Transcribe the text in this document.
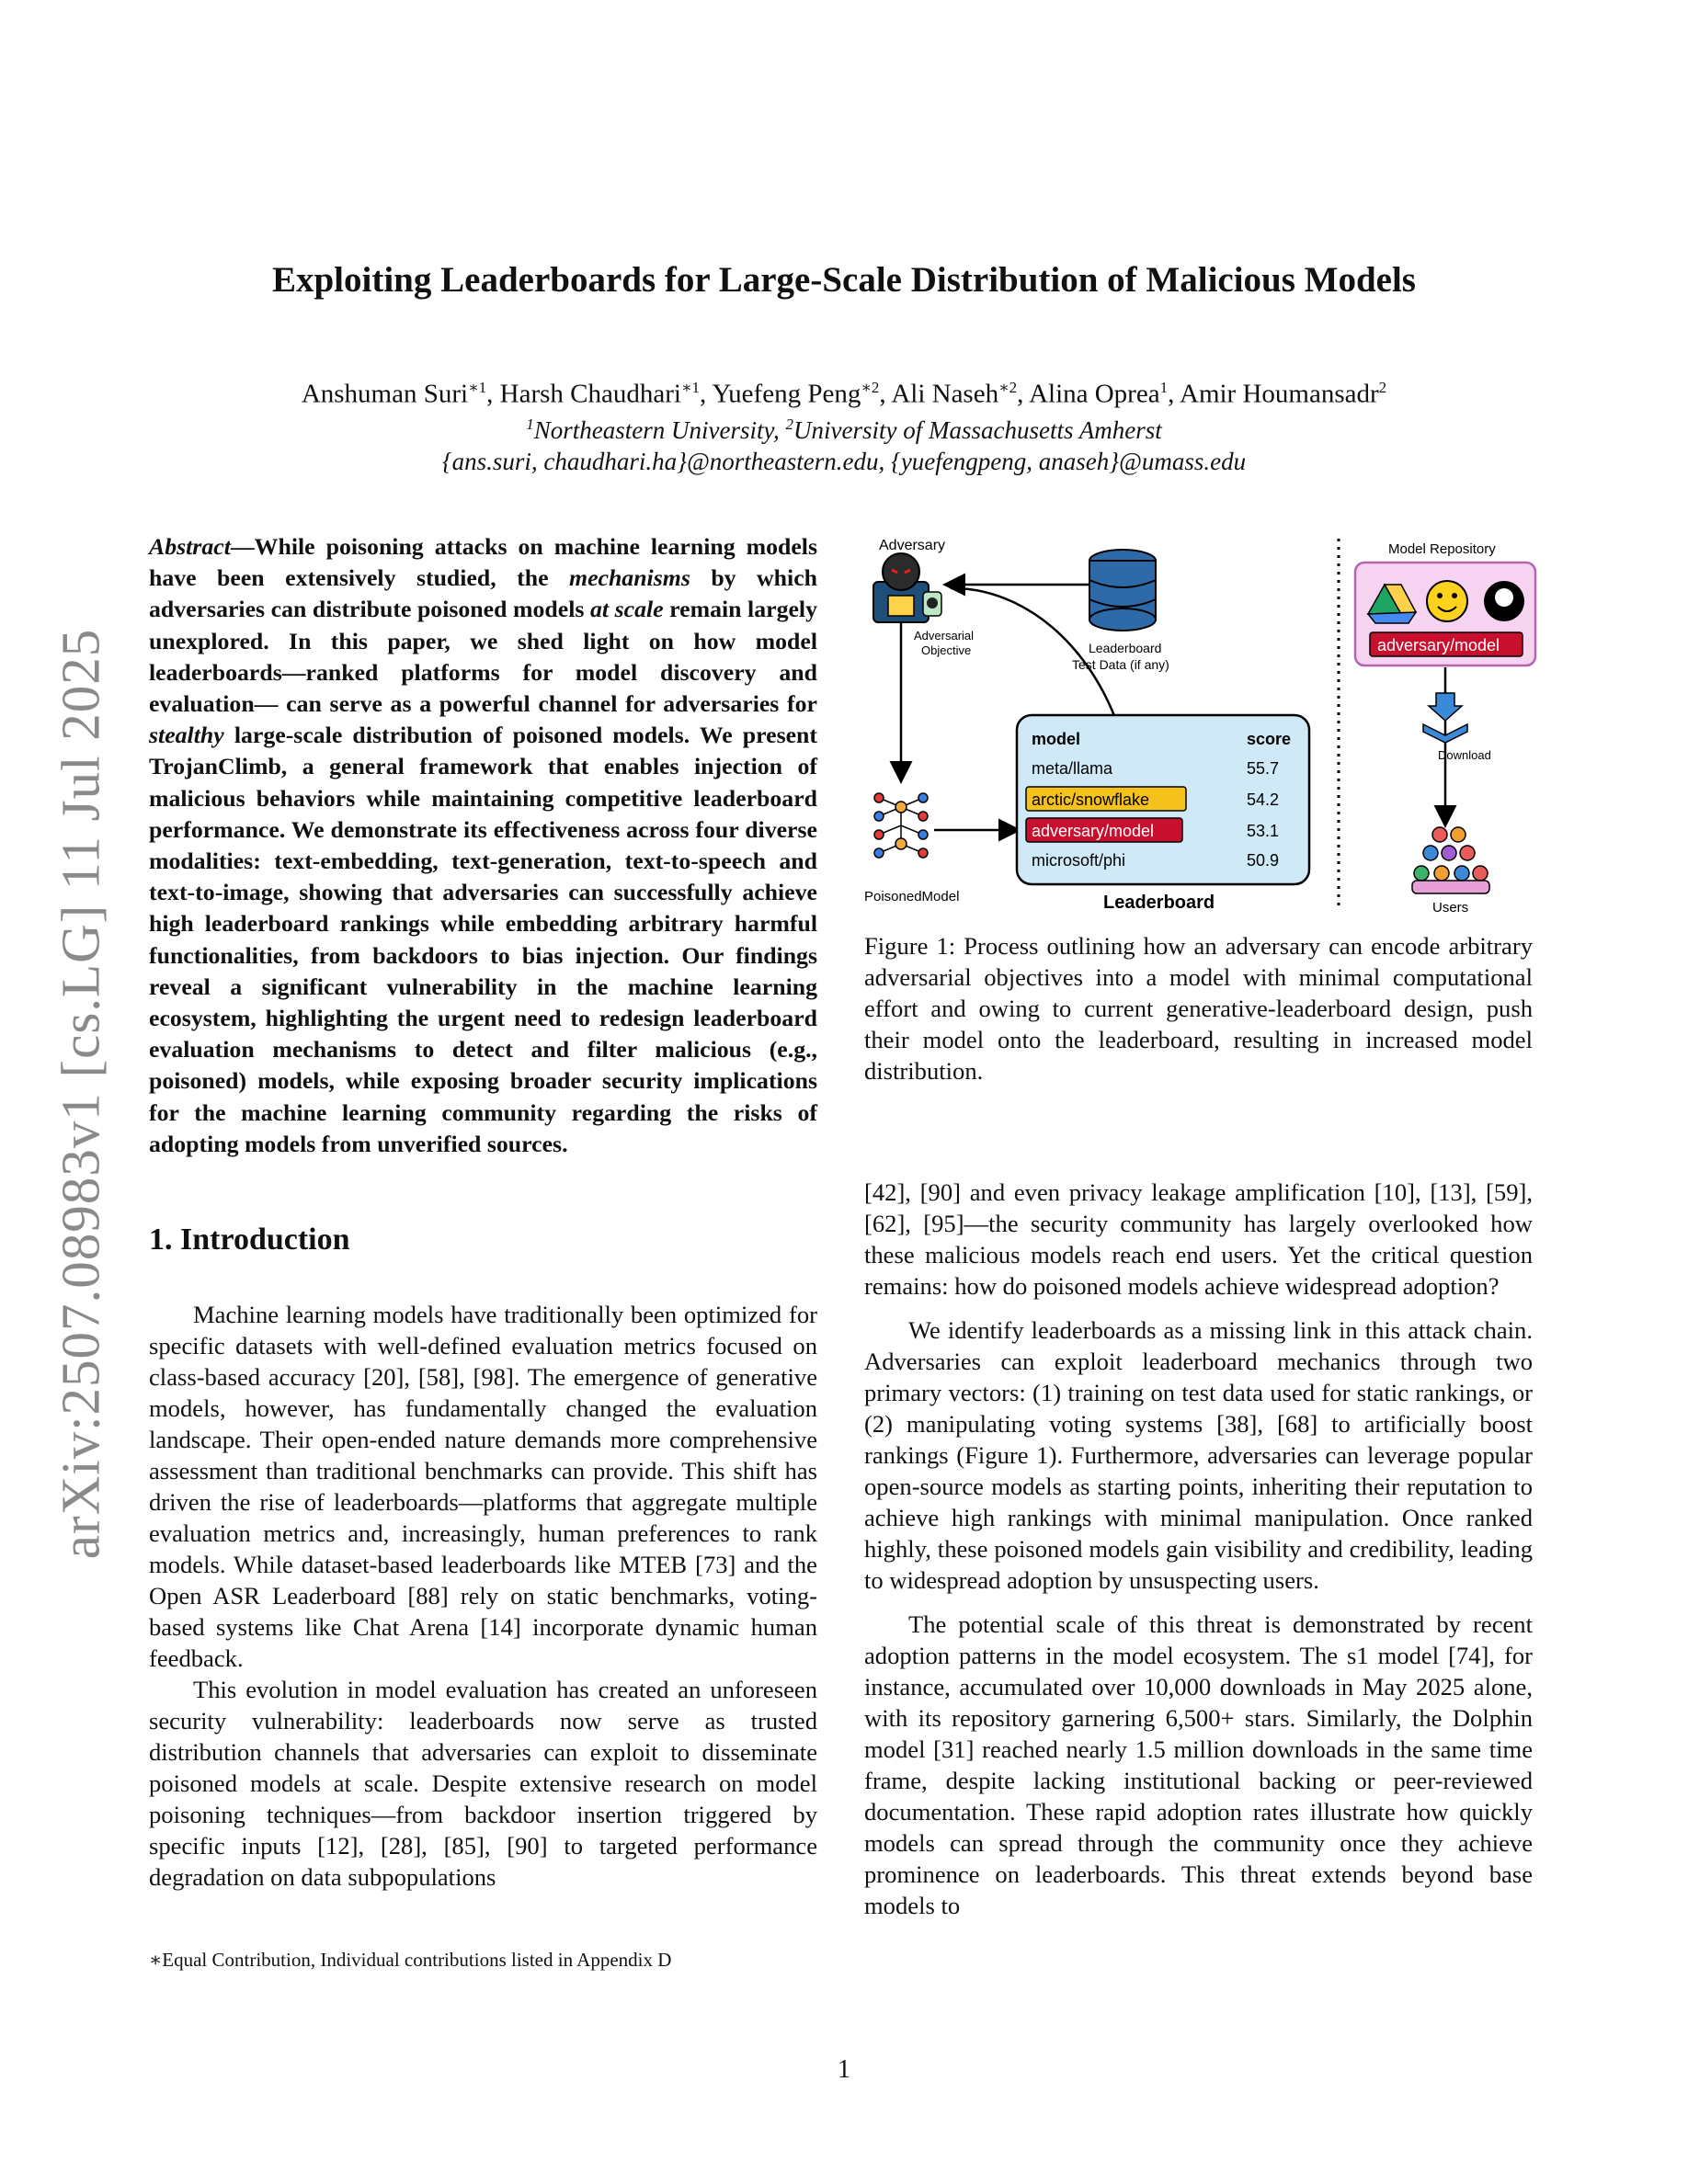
arXiv:2507.08983v1 [cs.LG] 11 Jul 2025
Exploiting Leaderboards for Large-Scale Distribution of Malicious Models
Anshuman Suri$^{∗1}$, Harsh Chaudhari$^{∗1}$, Yuefeng Peng$^{∗2}$, Ali Naseh$^{∗2}$, Alina Oprea$^1$, Amir Houmansadr$^2$
$^1$Northeastern University, $^2$University of Massachusetts Amherst
{ans.suri, chaudhari.ha}@northeastern.edu, {yuefengpeng, anaseh}@umass.edu

Abstract—While poisoning attacks on machine learning models have been extensively studied, the mechanisms by which adversaries can distribute poisoned models at scale remain largely unexplored. In this paper, we shed light on how model leaderboards—ranked platforms for model discovery and evaluation— can serve as a powerful channel for adversaries for stealthy large-scale distribution of poisoned models. We present TrojanClimb, a general framework that enables injection of malicious behaviors while maintaining competitive leaderboard performance. We demonstrate its effectiveness across four diverse modalities: text-embedding, text-generation, text-to-speech and text-to-image, showing that adversaries can successfully achieve high leaderboard rankings while embedding arbitrary harmful functionalities, from backdoors to bias injection. Our findings reveal a significant vulnerability in the machine learning ecosystem, highlighting the urgent need to redesign leaderboard evaluation mechanisms to detect and filter malicious (e.g., poisoned) models, while exposing broader security implications for the machine learning community regarding the risks of adopting models from unverified sources.

1. Introduction

Machine learning models have traditionally been optimized for specific datasets with well-defined evaluation metrics focused on class-based accuracy [20], [58], [98]. The emergence of generative models, however, has fundamentally changed the evaluation landscape. Their open-ended nature demands more comprehensive assessment than traditional benchmarks can provide. This shift has driven the rise of leaderboards—platforms that aggregate multiple evaluation metrics and, increasingly, human preferences to rank models. While dataset-based leaderboards like MTEB [73] and the Open ASR Leaderboard [88] rely on static benchmarks, voting-based systems like Chat Arena [14] incorporate dynamic human feedback.

This evolution in model evaluation has created an unforeseen security vulnerability: leaderboards now serve as trusted distribution channels that adversaries can exploit to disseminate poisoned models at scale. Despite extensive research on model poisoning techniques—from backdoor insertion triggered by specific inputs [12], [28], [85], [90] to targeted performance degradation on data subpopulations

∗Equal Contribution, Individual contributions listed in Appendix D
Adversary
Adversarial
Objective	Leaderboard
Test Data (if any)
PoisonedModel
model	score
meta/llama	55.7
arctic/snowflake	54.2
adversary/model	53.1
microsoft/phi	50.9
Leaderboard
Model Repository
adversary/model
Download
Users
Figure 1: Process outlining how an adversary can encode arbitrary adversarial objectives into a model with minimal computational effort and owing to current generative-leaderboard design, push their model onto the leaderboard, resulting in increased model distribution.

[42], [90] and even privacy leakage amplification [10], [13], [59], [62], [95]—the security community has largely overlooked how these malicious models reach end users. Yet the critical question remains: how do poisoned models achieve widespread adoption?

We identify leaderboards as a missing link in this attack chain. Adversaries can exploit leaderboard mechanics through two primary vectors: (1) training on test data used for static rankings, or (2) manipulating voting systems [38], [68] to artificially boost rankings (Figure 1). Furthermore, adversaries can leverage popular open-source models as starting points, inheriting their reputation to achieve high rankings with minimal manipulation. Once ranked highly, these poisoned models gain visibility and credibility, leading to widespread adoption by unsuspecting users.

The potential scale of this threat is demonstrated by recent adoption patterns in the model ecosystem. The s1 model [74], for instance, accumulated over 10,000 downloads in May 2025 alone, with its repository garnering 6,500+ stars. Similarly, the Dolphin model [31] reached nearly 1.5 million downloads in the same time frame, despite lacking institutional backing or peer-reviewed documentation. These rapid adoption rates illustrate how quickly models can spread through the community once they achieve prominence on leaderboards. This threat extends beyond base models to

1
